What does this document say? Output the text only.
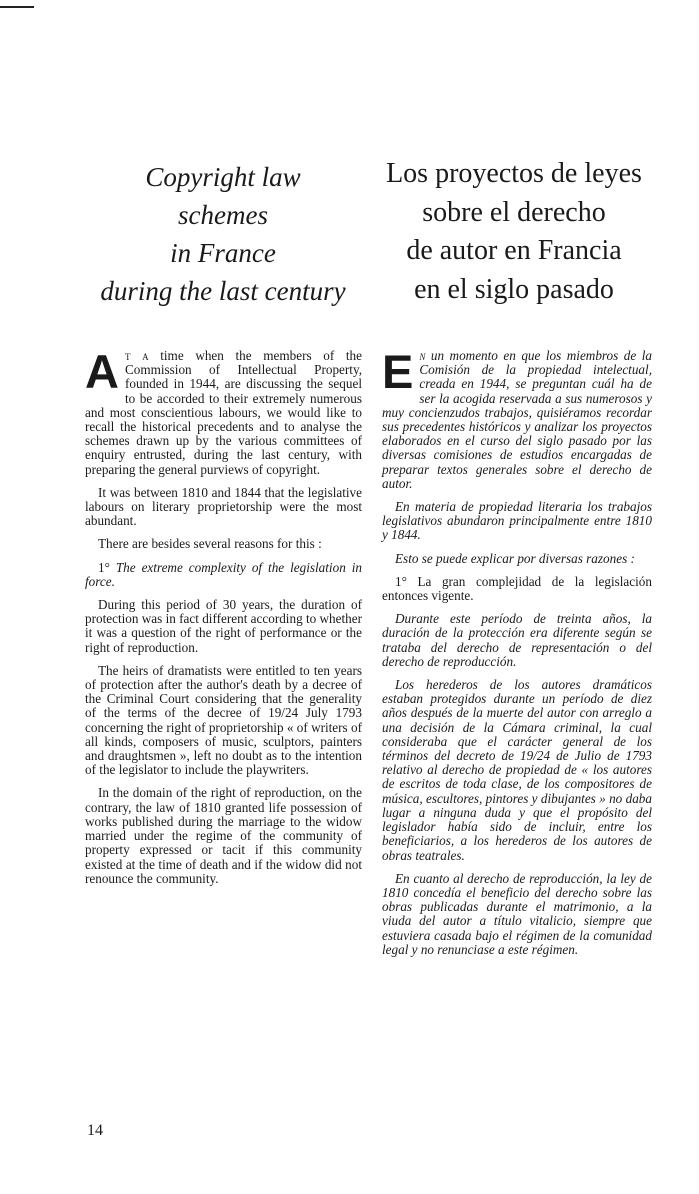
Copyright law
schemes
in France
during the last century
Los proyectos de leyes
sobre el derecho
de autor en Francia
en el siglo pasado

At a time when the members of the Commission of Intellectual Property, founded in 1944, are discussing the sequel to be accorded to their extremely numerous and most conscientious labours, we would like to recall the historical precedents and to analyse the schemes drawn up by the various committees of enquiry entrusted, during the last century, with preparing the general purviews of copyright.

It was between 1810 and 1844 that the legislative labours on literary proprietorship were the most abundant.

There are besides several reasons for this :

1° The extreme complexity of the legislation in force.

During this period of 30 years, the duration of protection was in fact different according to whether it was a question of the right of performance or the right of reproduction.

The heirs of dramatists were entitled to ten years of protection after the author's death by a decree of the Criminal Court considering that the generality of the terms of the decree of 19/24 July 1793 concerning the right of proprietorship « of writers of all kinds, composers of music, sculptors, painters and draughtsmen », left no doubt as to the intention of the legislator to include the playwriters.

In the domain of the right of reproduction, on the contrary, the law of 1810 granted life possession of works published during the marriage to the widow married under the regime of the community of property expressed or tacit if this community existed at the time of death and if the widow did not renounce the community.

En un momento en que los miembros de la Comisión de la propiedad intelectual, creada en 1944, se preguntan cuál ha de ser la acogida reservada a sus numerosos y muy concienzudos trabajos, quisiéramos recordar sus precedentes históricos y analizar los proyectos elaborados en el curso del siglo pasado por las diversas comisiones de estudios encargadas de preparar textos generales sobre el derecho de autor.

En materia de propiedad literaria los trabajos legislativos abundaron principalmente entre 1810 y 1844.

Esto se puede explicar por diversas razones :

1° La gran complejidad de la legislación entonces vigente.

Durante este período de treinta años, la duración de la protección era diferente según se trataba del derecho de representación o del derecho de reproducción.

Los herederos de los autores dramáticos estaban protegidos durante un período de diez años después de la muerte del autor con arreglo a una decisión de la Cámara criminal, la cual consideraba que el carácter general de los términos del decreto de 19/24 de Julio de 1793 relativo al derecho de propiedad de « los autores de escritos de toda clase, de los compositores de música, escultores, pintores y dibujantes » no daba lugar a ninguna duda y que el propósito del legislador había sido de incluir, entre los beneficiarios, a los herederos de los autores de obras teatrales.

En cuanto al derecho de reproducción, la ley de 1810 concedía el beneficio del derecho sobre las obras publicadas durante el matrimonio, a la viuda del autor a título vitalicio, siempre que estuviera casada bajo el régimen de la comunidad legal y no renunciase a este régimen.

14
